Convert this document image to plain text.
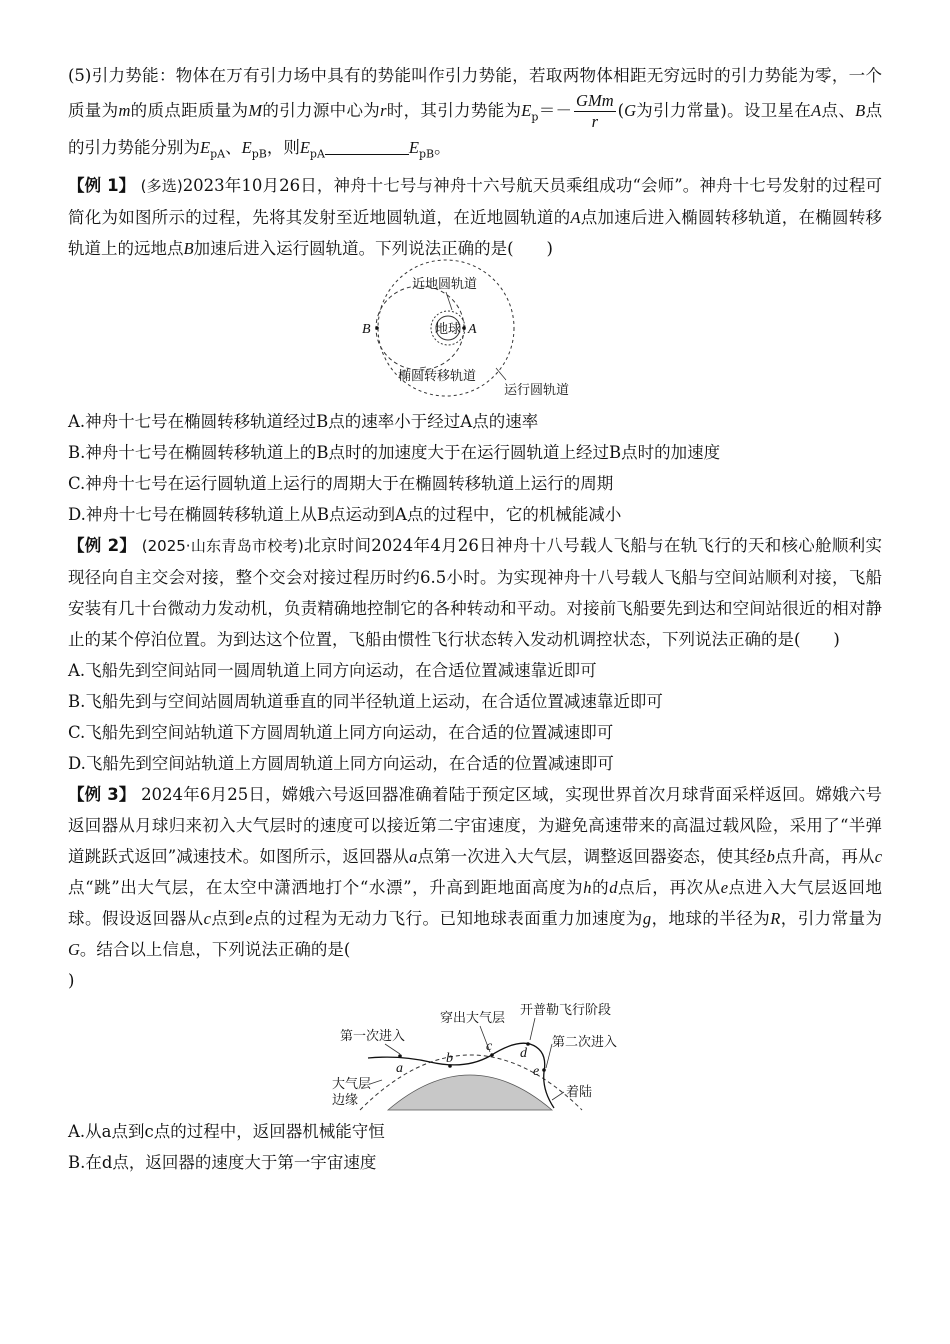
(5)引力势能：物体在万有引力场中具有的势能叫作引力势能，若取两物体相距无穷远时的引力势能为零，一个质量为m的质点距质量为M的引力源中心为r时，其引力势能为$E_p=- \frac{\text{GMm}}{r} (G$为引力常量)。设卫星在A点、B点的引力势能分别为$E_{pA}$、$E_{pB}$，则$E_{pA}$	$E_{pB}$。

【例 1】 (多选)2023年10月26日，神舟十七号与神舟十六号航天员乘组成功“会师”。神舟十七号发射的过程可简化为如图所示的过程，先将其发射至近地圆轨道，在近地圆轨道的A点加速后进入椭圆转移轨道，在椭圆转移轨道上的远地点B加速后进入运行圆轨道。下列说法正确的是(　　)

地球 A
B
近地圆轨道
椭圆转移轨道
运行圆轨道

A.神舟十七号在椭圆转移轨道经过B点的速率小于经过A点的速率

B.神舟十七号在椭圆转移轨道上的B点时的加速度大于在运行圆轨道上经过B点时的加速度

C.神舟十七号在运行圆轨道上运行的周期大于在椭圆转移轨道上运行的周期

D.神舟十七号在椭圆转移轨道上从B点运动到A点的过程中，它的机械能减小

【例 2】 (2025·山东青岛市校考)北京时间2024年4月26日神舟十八号载人飞船与在轨飞行的天和核心舱顺利实现径向自主交会对接，整个交会对接过程历时约6.5小时。为实现神舟十八号载人飞船与空间站顺利对接，飞船安装有几十台微动力发动机，负责精确地控制它的各种转动和平动。对接前飞船要先到达和空间站很近的相对静止的某个停泊位置。为到达这个位置，飞船由惯性飞行状态转入发动机调控状态，下列说法正确的是(　　)

A.飞船先到空间站同一圆周轨道上同方向运动，在合适位置减速靠近即可

B.飞船先到与空间站圆周轨道垂直的同半径轨道上运动，在合适位置减速靠近即可

C.飞船先到空间站轨道下方圆周轨道上同方向运动，在合适的位置减速即可

D.飞船先到空间站轨道上方圆周轨道上同方向运动，在合适的位置减速即可

【例 3】 2024年6月25日，嫦娥六号返回器准确着陆于预定区域，实现世界首次月球背面采样返回。嫦娥六号返回器从月球归来初入大气层时的速度可以接近第二宇宙速度，为避免高速带来的高温过载风险，采用了“半弹道跳跃式返回”减速技术。如图所示，返回器从a点第一次进入大气层，调整返回器姿态，使其经b点升高，再从c点“跳”出大气层，在太空中潇洒地打个“水漂”，升高到距地面高度为h的d点后，再次从e点进入大气层返回地球。假设返回器从c点到e点的过程为无动力飞行。已知地球表面重力加速度为g，地球的半径为R，引力常量为G。结合以上信息，下列说法正确的是(
)

a
b
c d
e
第一次进入
穿出大气层
开普勒飞行阶段
第二次进入
大气层
边缘
着陆

A.从a点到c点的过程中，返回器机械能守恒

B.在d点，返回器的速度大于第一宇宙速度
